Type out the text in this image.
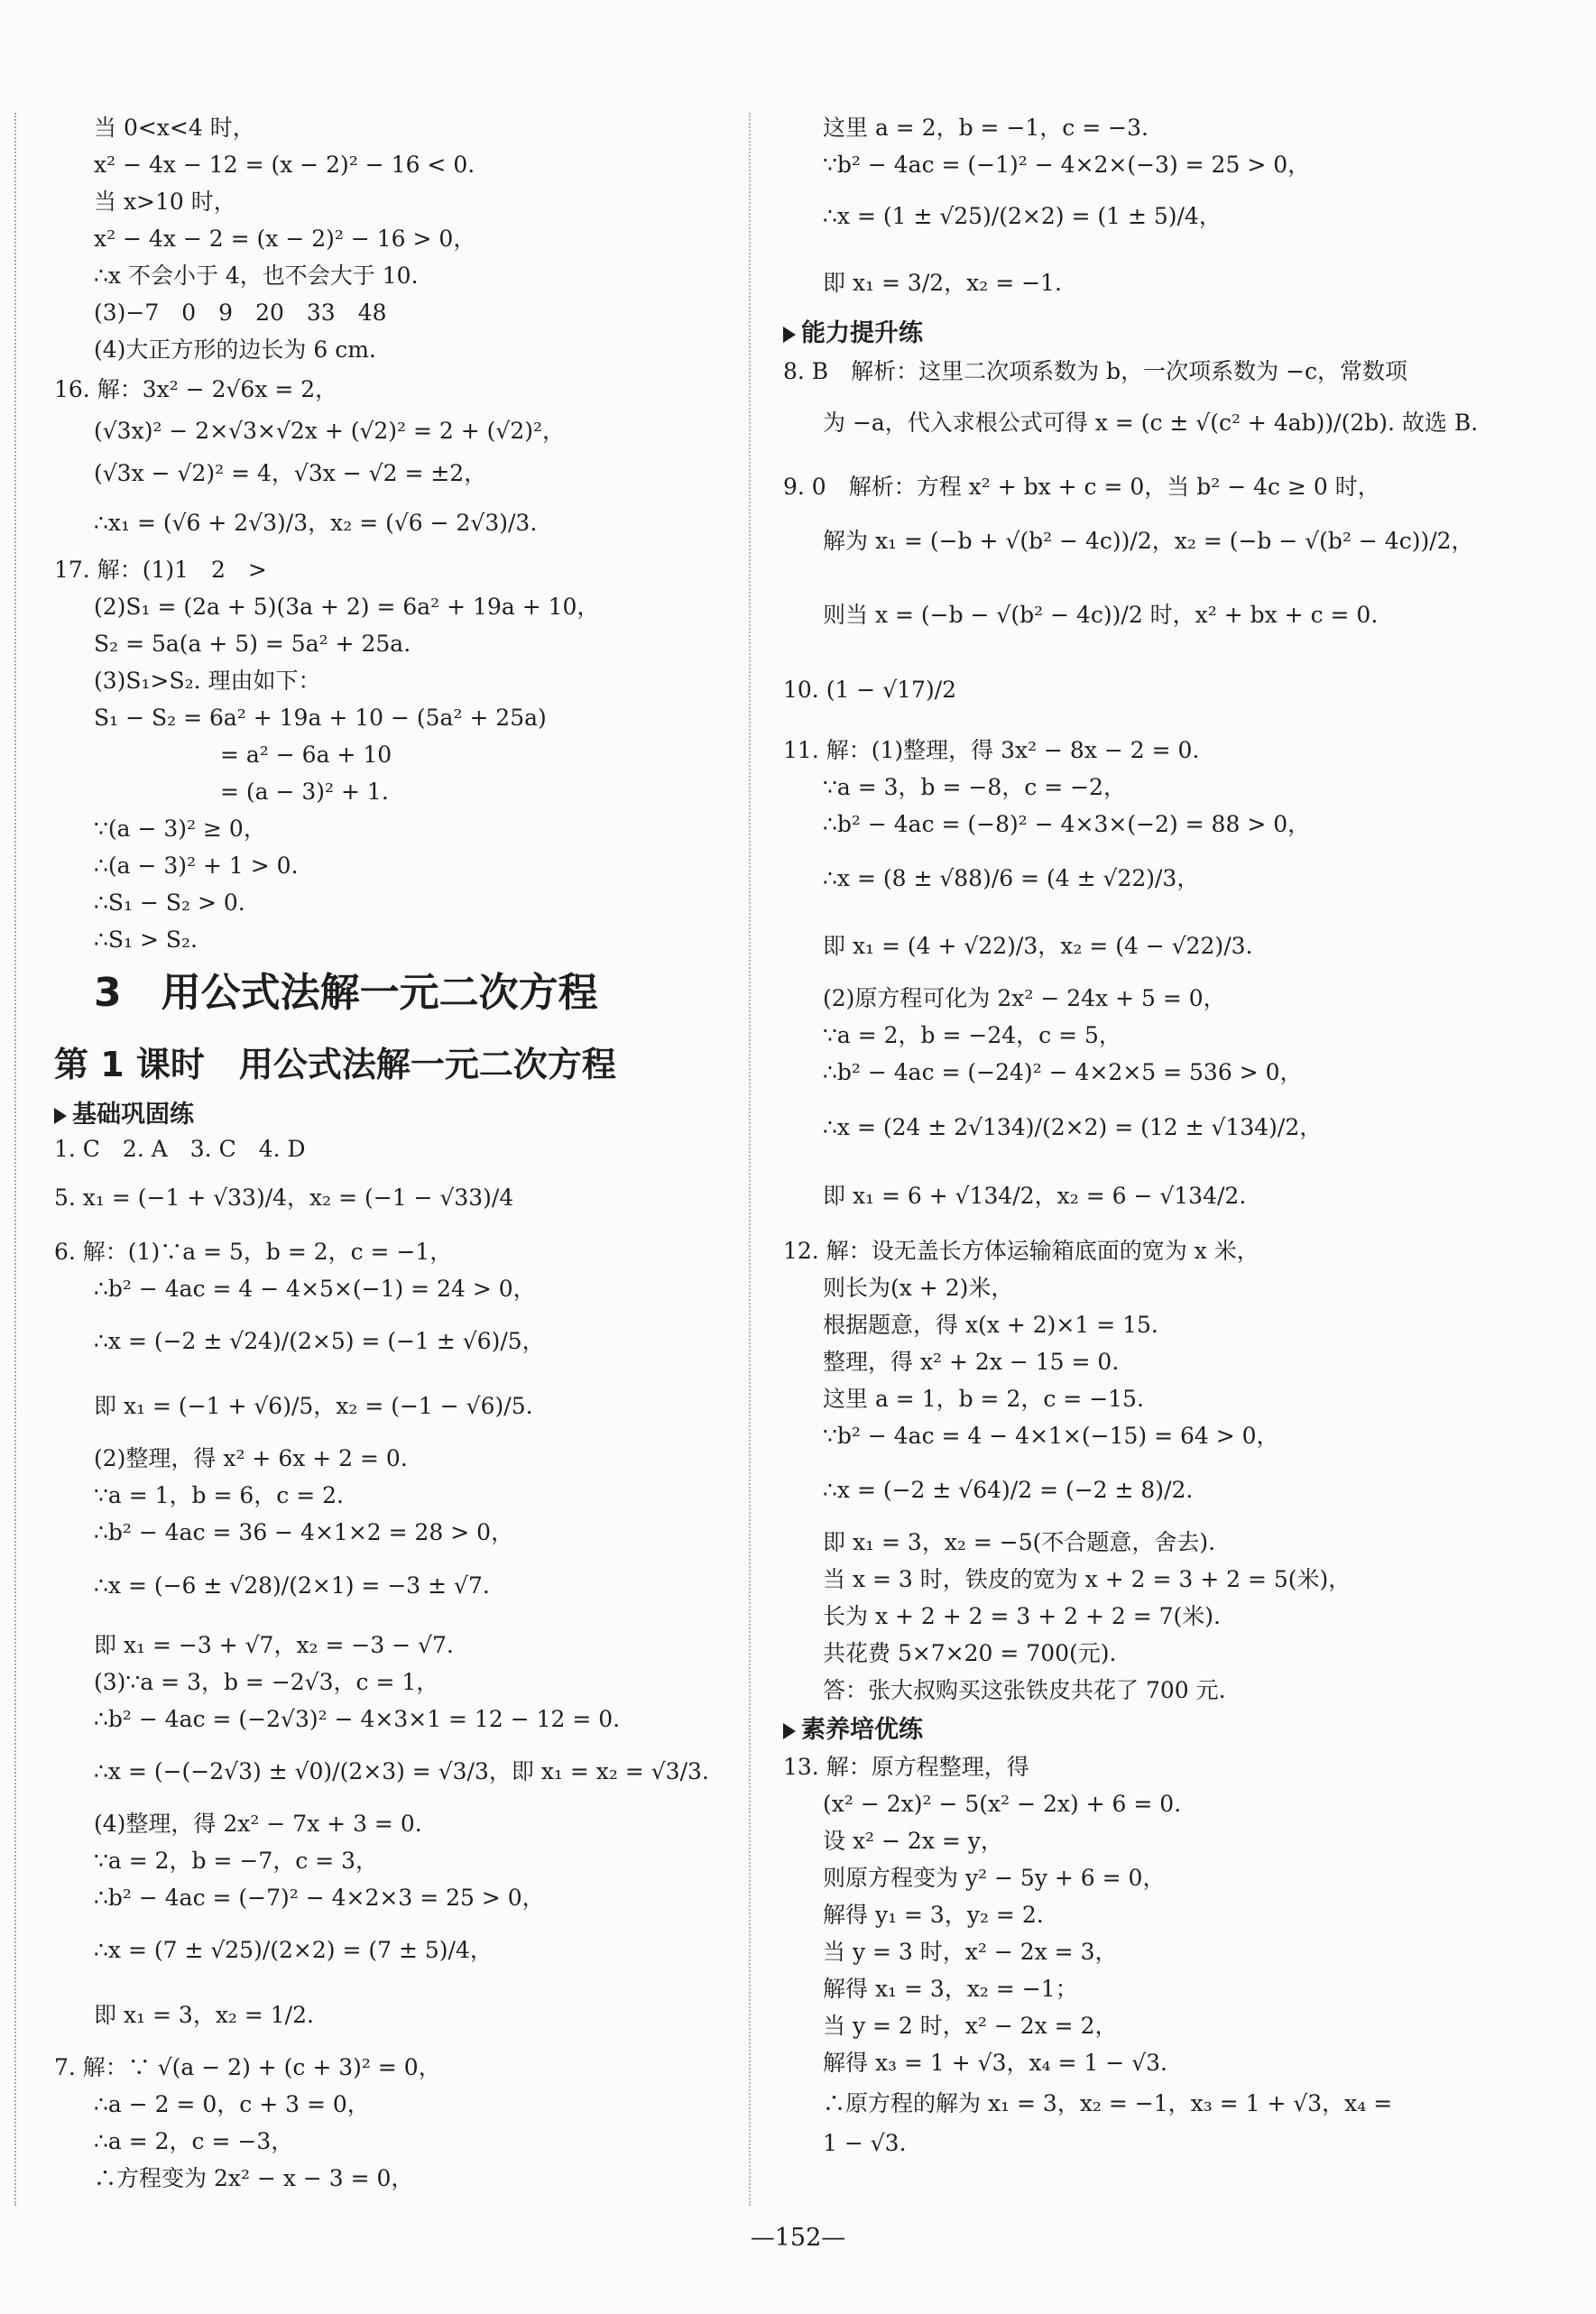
当 0<x<4 时，
x² − 4x − 12 = (x − 2)² − 16 < 0.
当 x>10 时，
x² − 4x − 2 = (x − 2)² − 16 > 0，
∴x 不会小于 4，也不会大于 10.
(3)−7　0　9　20　33　48
(4)大正方形的边长为 6 cm.
16. 解：3x² − 2√6x = 2，
(√3x)² − 2×√3×√2x + (√2)² = 2 + (√2)²，
(√3x − √2)² = 4，√3x − √2 = ±2，
∴x₁ = (√6 + 2√3)/3，x₂ = (√6 − 2√3)/3.
17. 解：(1)1　2　>
(2)S₁ = (2a + 5)(3a + 2) = 6a² + 19a + 10，
S₂ = 5a(a + 5) = 5a² + 25a.
(3)S₁>S₂. 理由如下：
S₁ − S₂ = 6a² + 19a + 10 − (5a² + 25a)
= a² − 6a + 10
= (a − 3)² + 1.
∵(a − 3)² ≥ 0，
∴(a − 3)² + 1 > 0.
∴S₁ − S₂ > 0.
∴S₁ > S₂.
3　用公式法解一元二次方程
第 1 课时　用公式法解一元二次方程
基础巩固练
1. C　2. A　3. C　4. D
5. x₁ = (−1 + √33)/4，x₂ = (−1 − √33)/4
6. 解：(1)∵a = 5，b = 2，c = −1，
∴b² − 4ac = 4 − 4×5×(−1) = 24 > 0，
∴x = (−2 ± √24)/(2×5) = (−1 ± √6)/5，
即 x₁ = (−1 + √6)/5，x₂ = (−1 − √6)/5.
(2)整理，得 x² + 6x + 2 = 0.
∵a = 1，b = 6，c = 2.
∴b² − 4ac = 36 − 4×1×2 = 28 > 0，
∴x = (−6 ± √28)/(2×1) = −3 ± √7.
即 x₁ = −3 + √7，x₂ = −3 − √7.
(3)∵a = 3，b = −2√3，c = 1，
∴b² − 4ac = (−2√3)² − 4×3×1 = 12 − 12 = 0.
∴x = (−(−2√3) ± √0)/(2×3) = √3/3，即 x₁ = x₂ = √3/3.
(4)整理，得 2x² − 7x + 3 = 0.
∵a = 2，b = −7，c = 3，
∴b² − 4ac = (−7)² − 4×2×3 = 25 > 0，
∴x = (7 ± √25)/(2×2) = (7 ± 5)/4，
即 x₁ = 3，x₂ = 1/2.
7. 解：∵ √(a − 2) + (c + 3)² = 0，
∴a − 2 = 0，c + 3 = 0，
∴a = 2，c = −3，
∴方程变为 2x² − x − 3 = 0，
这里 a = 2，b = −1，c = −3.
∵b² − 4ac = (−1)² − 4×2×(−3) = 25 > 0，
∴x = (1 ± √25)/(2×2) = (1 ± 5)/4，
即 x₁ = 3/2，x₂ = −1.
能力提升练
8. B　解析：这里二次项系数为 b，一次项系数为 −c，常数项
为 −a，代入求根公式可得 x = (c ± √(c² + 4ab))/(2b). 故选 B.
9. 0　解析：方程 x² + bx + c = 0，当 b² − 4c ≥ 0 时，
解为 x₁ = (−b + √(b² − 4c))/2，x₂ = (−b − √(b² − 4c))/2，
则当 x = (−b − √(b² − 4c))/2 时，x² + bx + c = 0.
10. (1 − √17)/2
11. 解：(1)整理，得 3x² − 8x − 2 = 0.
∵a = 3，b = −8，c = −2，
∴b² − 4ac = (−8)² − 4×3×(−2) = 88 > 0，
∴x = (8 ± √88)/6 = (4 ± √22)/3，
即 x₁ = (4 + √22)/3，x₂ = (4 − √22)/3.
(2)原方程可化为 2x² − 24x + 5 = 0，
∵a = 2，b = −24，c = 5，
∴b² − 4ac = (−24)² − 4×2×5 = 536 > 0，
∴x = (24 ± 2√134)/(2×2) = (12 ± √134)/2，
即 x₁ = 6 + √134/2，x₂ = 6 − √134/2.
12. 解：设无盖长方体运输箱底面的宽为 x 米，
则长为(x + 2)米，
根据题意，得 x(x + 2)×1 = 15.
整理，得 x² + 2x − 15 = 0.
这里 a = 1，b = 2，c = −15.
∵b² − 4ac = 4 − 4×1×(−15) = 64 > 0，
∴x = (−2 ± √64)/2 = (−2 ± 8)/2.
即 x₁ = 3，x₂ = −5(不合题意，舍去).
当 x = 3 时，铁皮的宽为 x + 2 = 3 + 2 = 5(米)，
长为 x + 2 + 2 = 3 + 2 + 2 = 7(米).
共花费 5×7×20 = 700(元).
答：张大叔购买这张铁皮共花了 700 元.
素养培优练
13. 解：原方程整理，得
(x² − 2x)² − 5(x² − 2x) + 6 = 0.
设 x² − 2x = y，
则原方程变为 y² − 5y + 6 = 0，
解得 y₁ = 3，y₂ = 2.
当 y = 3 时，x² − 2x = 3，
解得 x₁ = 3，x₂ = −1；
当 y = 2 时，x² − 2x = 2，
解得 x₃ = 1 + √3，x₄ = 1 − √3.
∴原方程的解为 x₁ = 3，x₂ = −1，x₃ = 1 + √3，x₄ =
1 − √3.
—152—
